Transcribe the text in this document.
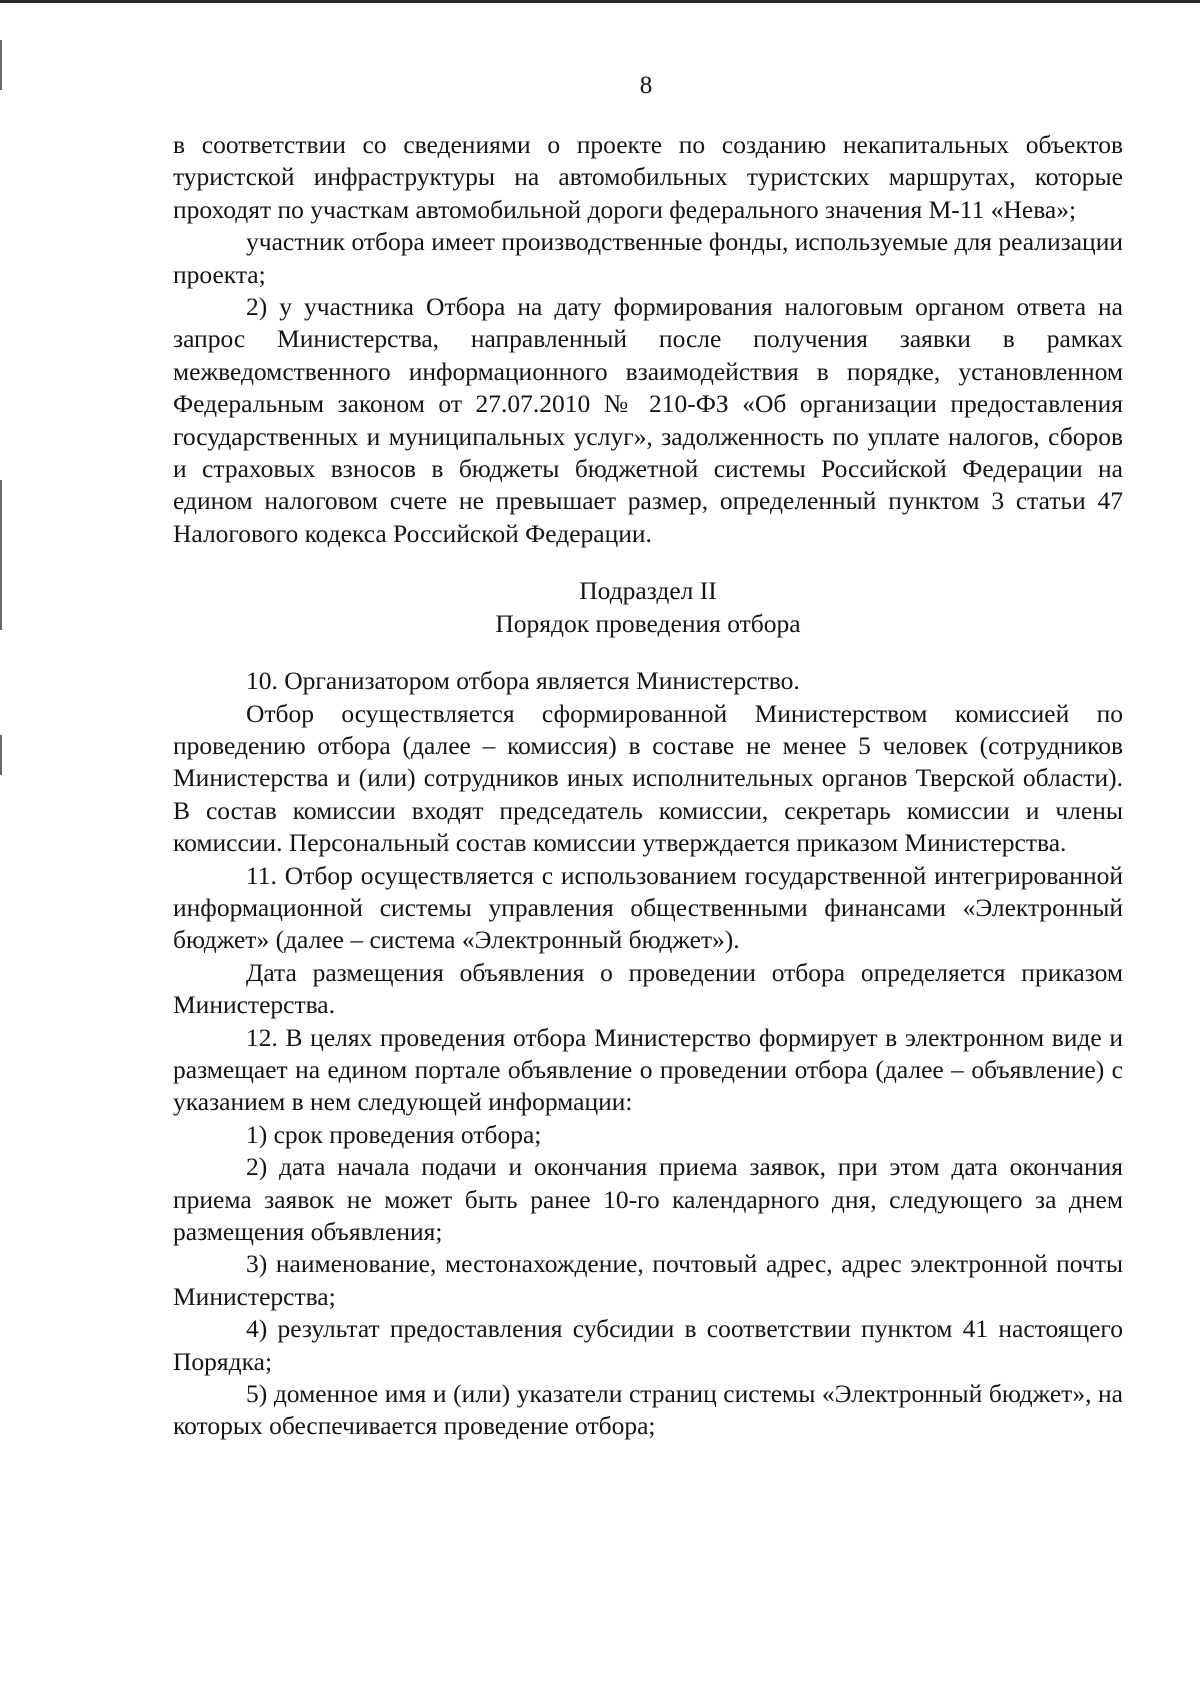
8

в соответствии со сведениями о проекте по созданию некапитальных объектов туристской инфраструктуры на автомобильных туристских маршрутах, которые проходят по участкам автомобильной дороги федерального значения М-11 «Нева»;

участник отбора имеет производственные фонды, используемые для реализации проекта;

2) у участника Отбора на дату формирования налоговым органом ответа на запрос Министерства, направленный после получения заявки в рамках межведомственного информационного взаимодействия в порядке, установленном Федеральным законом от 27.07.2010 № 210-ФЗ «Об организации предоставления государственных и муниципальных услуг», задолженность по уплате налогов, сборов и страховых взносов в бюджеты бюджетной системы Российской Федерации на едином налоговом счете не превышает размер, определенный пунктом 3 статьи 47 Налогового кодекса Российской Федерации.

Подраздел II

Порядок проведения отбора

10. Организатором отбора является Министерство.

Отбор осуществляется сформированной Министерством комиссией по проведению отбора (далее – комиссия) в составе не менее 5 человек (сотрудников Министерства и (или) сотрудников иных исполнительных органов Тверской области). В состав комиссии входят председатель комиссии, секретарь комиссии и члены комиссии. Персональный состав комиссии утверждается приказом Министерства.

11. Отбор осуществляется с использованием государственной интегрированной информационной системы управления общественными финансами «Электронный бюджет» (далее – система «Электронный бюджет»).

Дата размещения объявления о проведении отбора определяется приказом Министерства.

12. В целях проведения отбора Министерство формирует в электронном виде и размещает на едином портале объявление о проведении отбора (далее – объявление) с указанием в нем следующей информации:

1) срок проведения отбора;

2) дата начала подачи и окончания приема заявок, при этом дата окончания приема заявок не может быть ранее 10-го календарного дня, следующего за днем размещения объявления;

3) наименование, местонахождение, почтовый адрес, адрес электронной почты Министерства;

4) результат предоставления субсидии в соответствии пунктом 41 настоящего Порядка;

5) доменное имя и (или) указатели страниц системы «Электронный бюджет», на которых обеспечивается проведение отбора;
